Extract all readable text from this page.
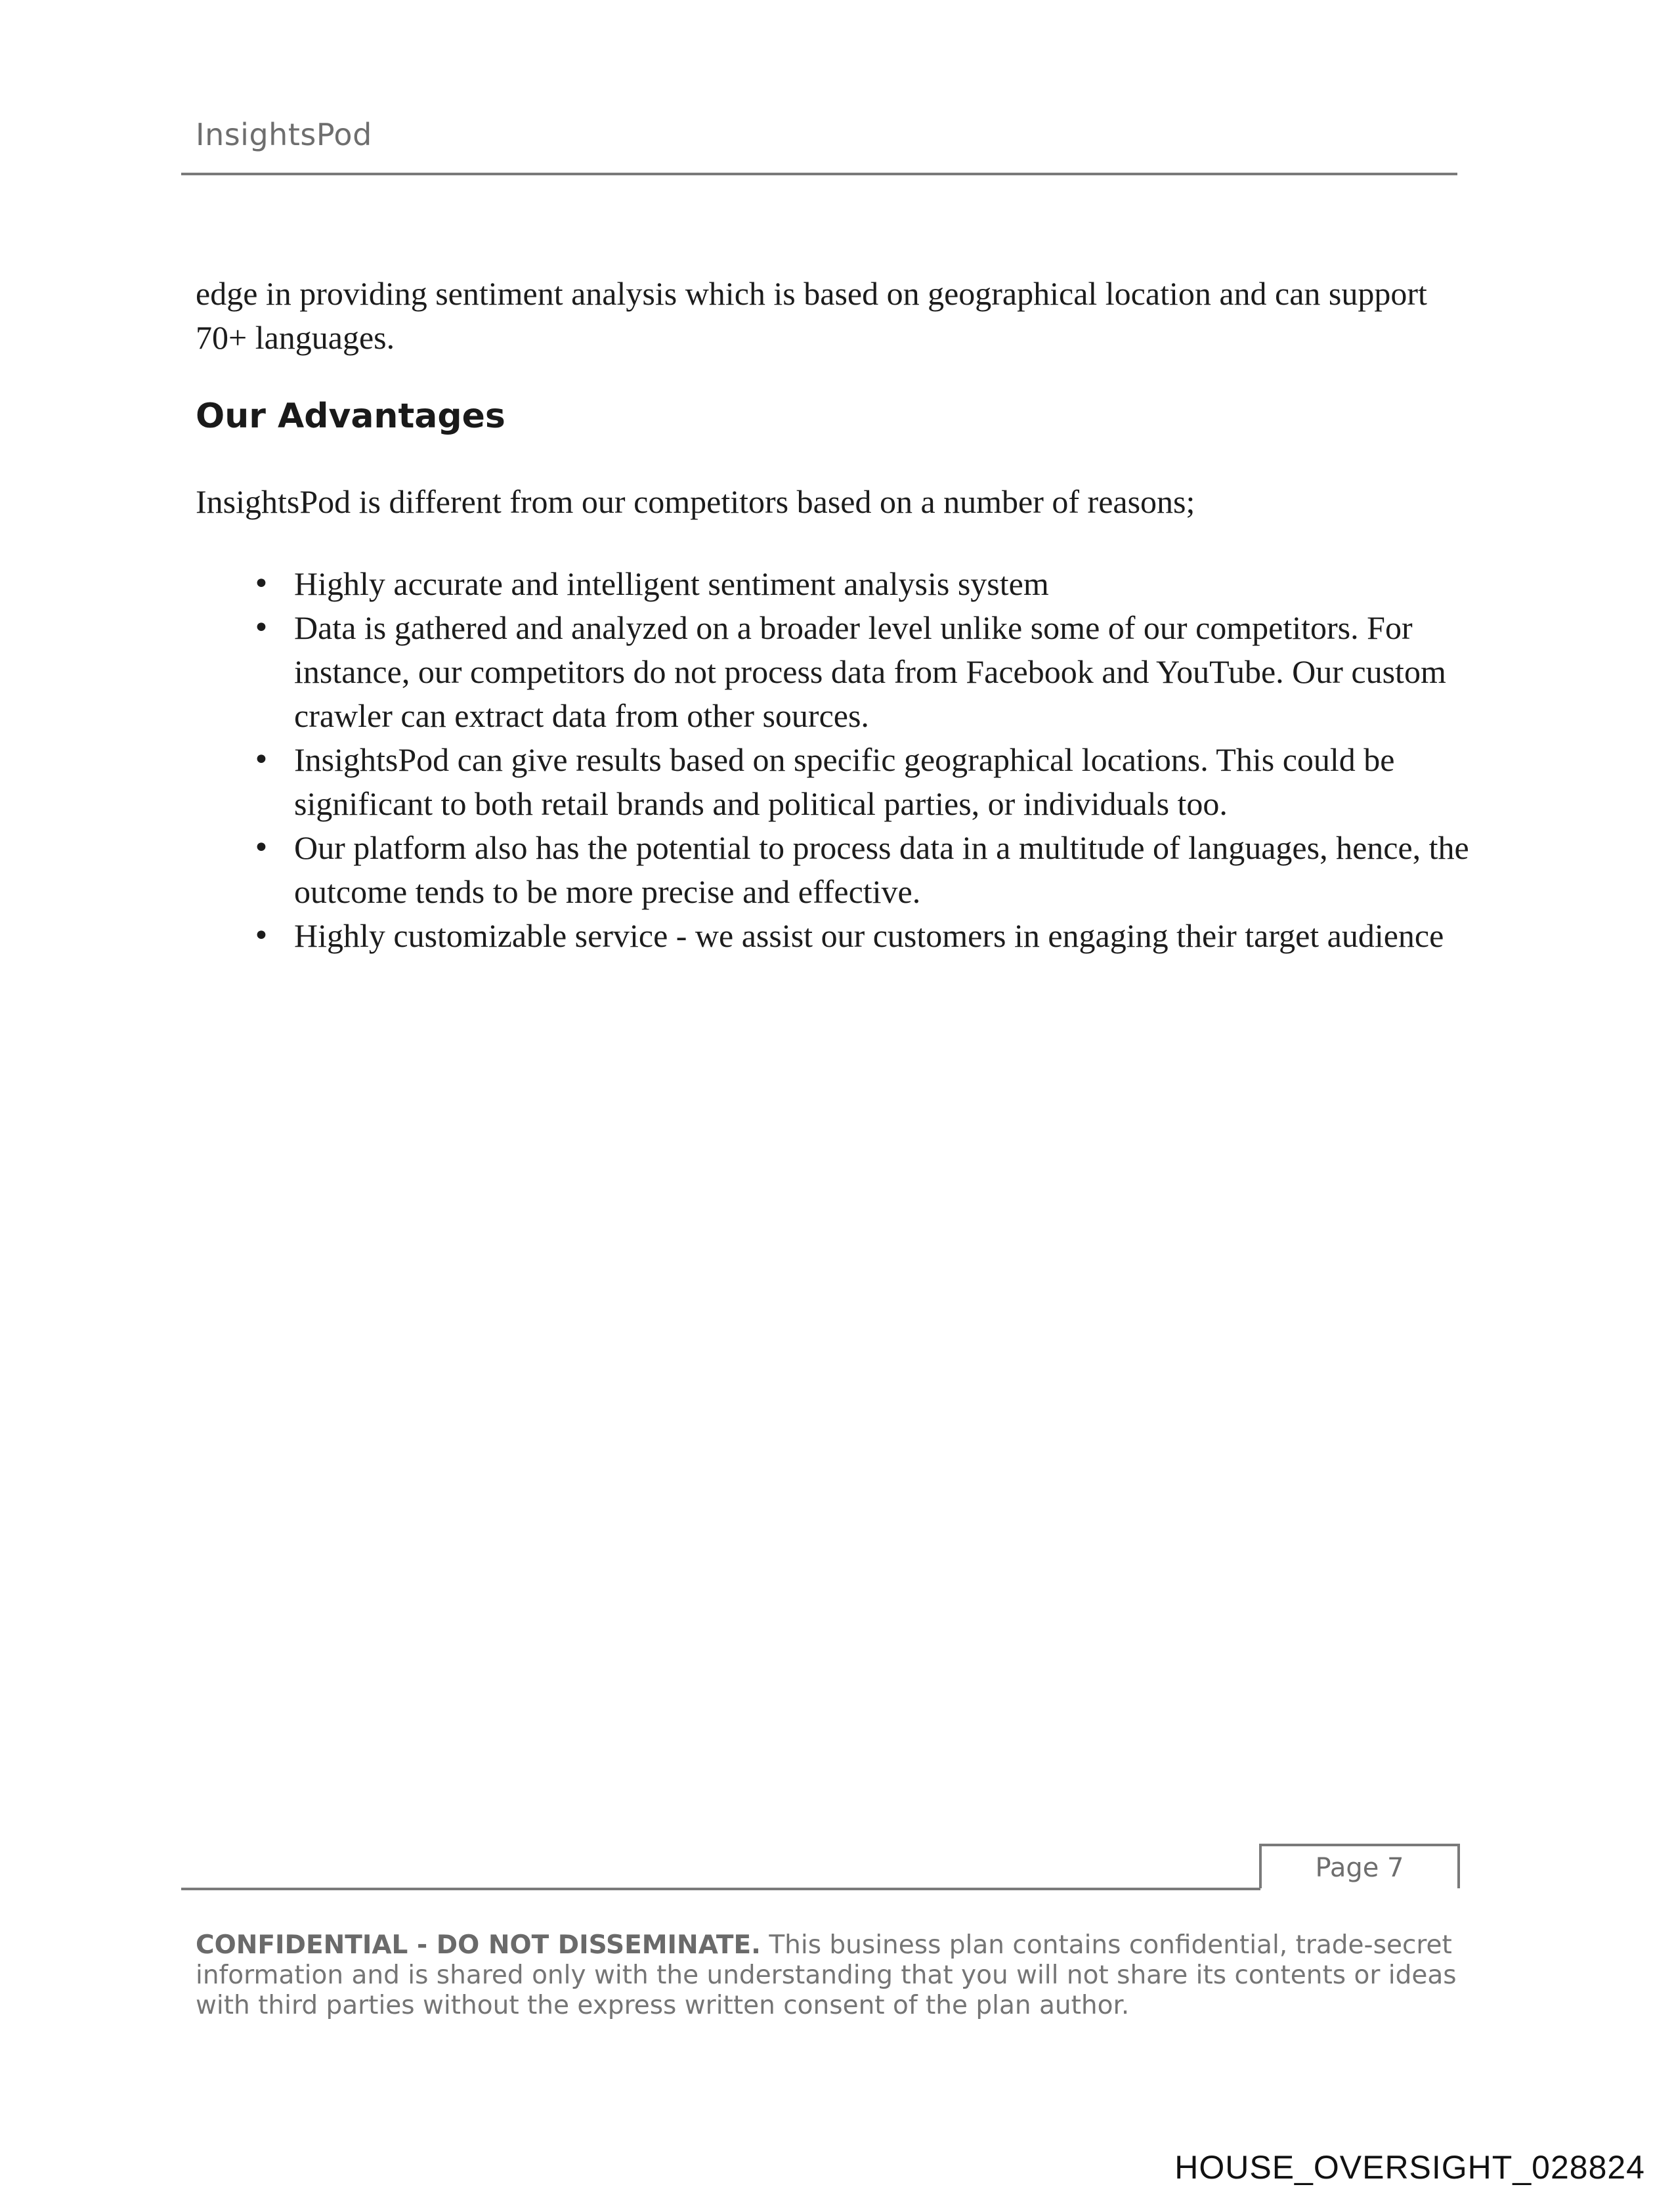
InsightsPod
edge in providing sentiment analysis which is based on geographical location and can support 70+ languages.
Our Advantages
InsightsPod is different from our competitors based on a number of reasons;
• Highly accurate and intelligent sentiment analysis system
• Data is gathered and analyzed on a broader level unlike some of our competitors. For instance, our competitors do not process data from Facebook and YouTube. Our custom crawler can extract data from other sources.
• InsightsPod can give results based on specific geographical locations. This could be significant to both retail brands and political parties, or individuals too.
• Our platform also has the potential to process data in a multitude of languages, hence, the outcome tends to be more precise and effective.
• Highly customizable service - we assist our customers in engaging their target audience
Page 7
CONFIDENTIAL - DO NOT DISSEMINATE. This business plan contains confidential, trade-secret information and is shared only with the understanding that you will not share its contents or ideas with third parties without the express written consent of the plan author.
HOUSE_OVERSIGHT_028824
